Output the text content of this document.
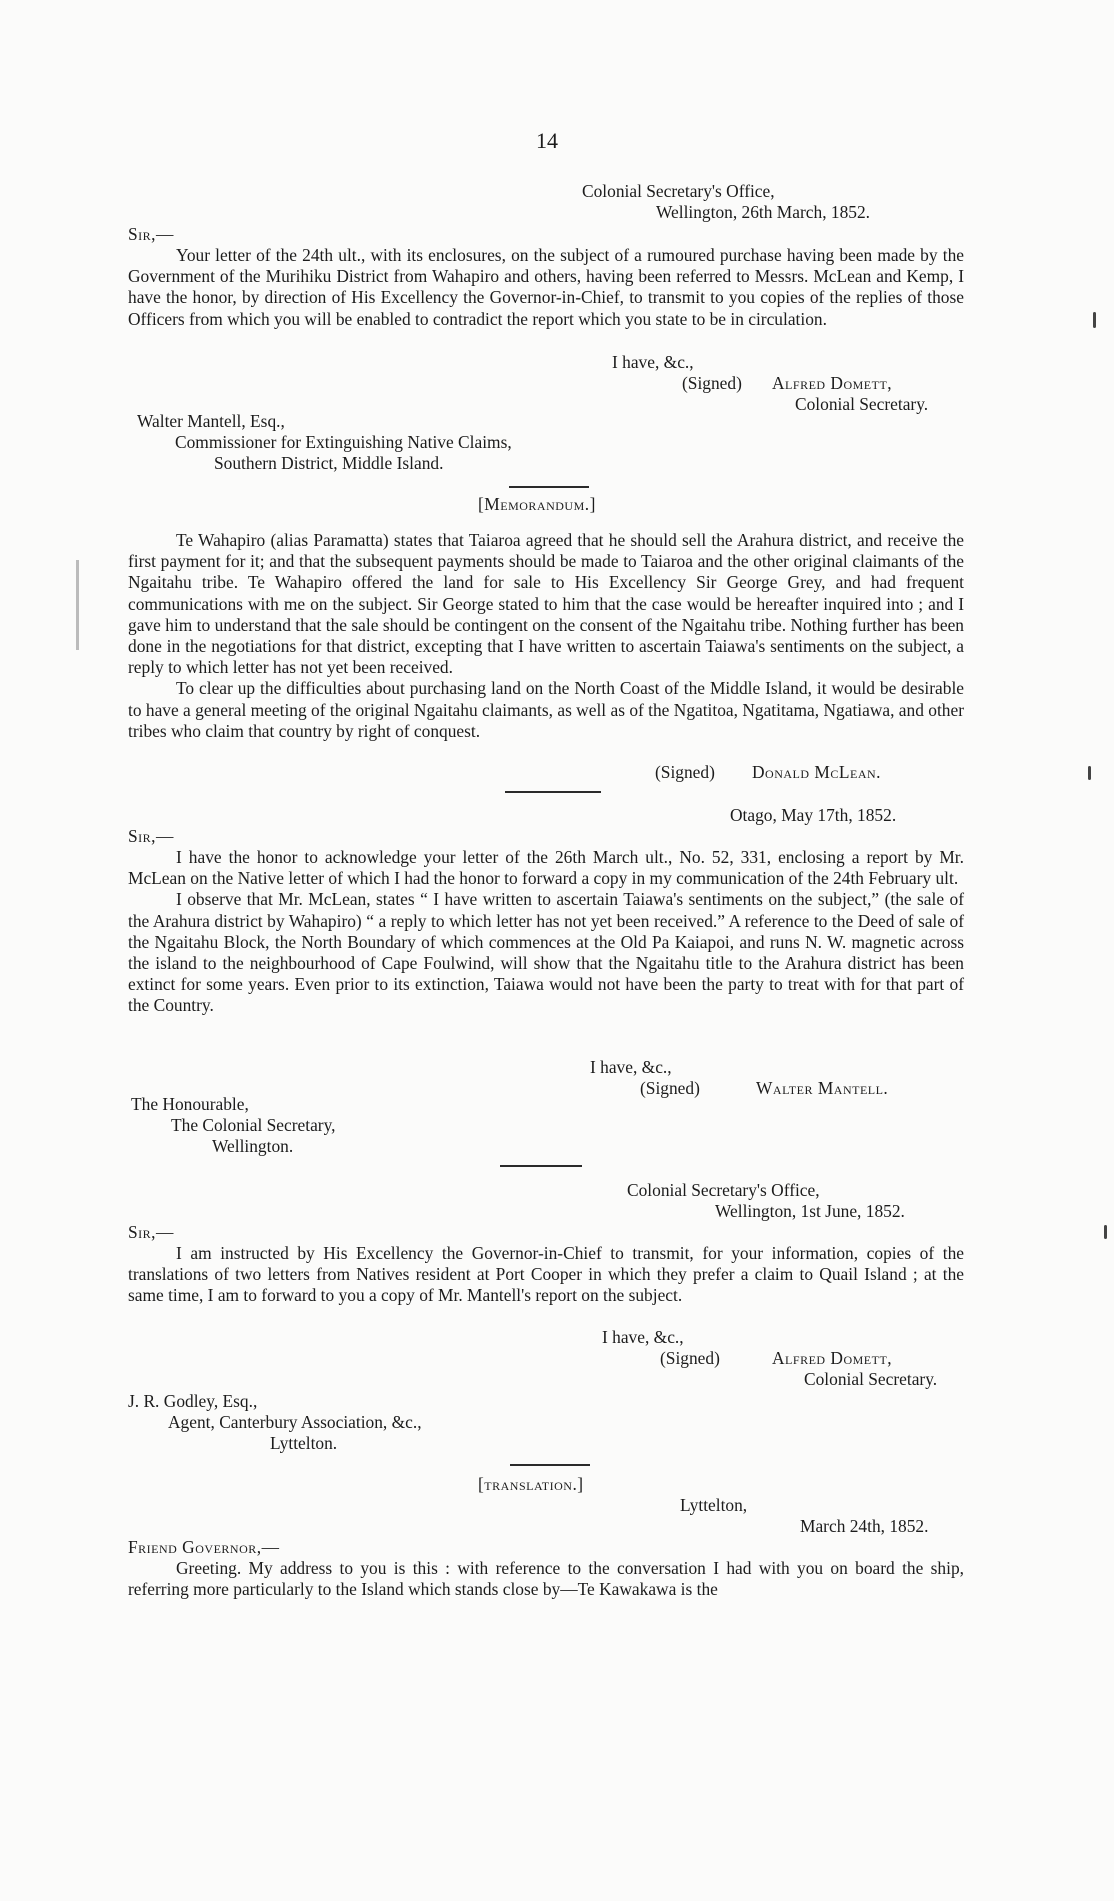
14
Colonial Secretary's Office,
Wellington, 26th March, 1852.
Sir,—

Your letter of the 24th ult., with its enclosures, on the subject of a rumoured purchase having been made by the Government of the Murihiku District from Wahapiro and others, having been referred to Messrs. McLean and Kemp, I have the honor, by direction of His Excellency the Governor-in-Chief, to transmit to you copies of the replies of those Officers from which you will be enabled to contradict the report which you state to be in circulation.

I have, &c.,
(Signed) Alfred Domett,
Colonial Secretary.
Walter Mantell, Esq.,
Commissioner for Extinguishing Native Claims,
Southern District, Middle Island.
[Memorandum.]

Te Wahapiro (alias Paramatta) states that Taiaroa agreed that he should sell the Arahura district, and receive the first payment for it; and that the subsequent payments should be made to Taiaroa and the other original claimants of the Ngaitahu tribe. Te Wahapiro offered the land for sale to His Excellency Sir George Grey, and had frequent communications with me on the subject. Sir George stated to him that the case would be hereafter inquired into ; and I gave him to understand that the sale should be contingent on the consent of the Ngaitahu tribe. Nothing further has been done in the negotiations for that district, excepting that I have written to ascertain Taiawa's sentiments on the subject, a reply to which letter has not yet been received.

To clear up the difficulties about purchasing land on the North Coast of the Middle Island, it would be desirable to have a general meeting of the original Ngaitahu claimants, as well as of the Ngatitoa, Ngatitama, Ngatiawa, and other tribes who claim that country by right of conquest.

(Signed) Donald McLean.
Otago, May 17th, 1852.
Sir,—

I have the honor to acknowledge your letter of the 26th March ult., No. 52, 331, enclosing a report by Mr. McLean on the Native letter of which I had the honor to forward a copy in my communication of the 24th February ult.

I observe that Mr. McLean, states “ I have written to ascertain Taiawa's sentiments on the subject,” (the sale of the Arahura district by Wahapiro) “ a reply to which letter has not yet been received.” A reference to the Deed of sale of the Ngaitahu Block, the North Boundary of which commences at the Old Pa Kaiapoi, and runs N. W. magnetic across the island to the neighbourhood of Cape Foulwind, will show that the Ngaitahu title to the Arahura district has been extinct for some years. Even prior to its extinction, Taiawa would not have been the party to treat with for that part of the Country.

I have, &c.,
(Signed)	Walter Mantell.
The Honourable,
The Colonial Secretary,
Wellington.
Colonial Secretary's Office,
Wellington, 1st June, 1852.
Sir,—

I am instructed by His Excellency the Governor-in-Chief to transmit, for your information, copies of the translations of two letters from Natives resident at Port Cooper in which they prefer a claim to Quail Island ; at the same time, I am to forward to you a copy of Mr. Mantell's report on the subject.

I have, &c.,
(Signed)	Alfred Domett,
Colonial Secretary.
J. R. Godley, Esq.,
Agent, Canterbury Association, &c.,
Lyttelton.
[translation.]
Lyttelton,
March 24th, 1852.
Friend Governor,—

Greeting. My address to you is this : with reference to the conversation I had with you on board the ship, referring more particularly to the Island which stands close by—Te Kawakawa is the
